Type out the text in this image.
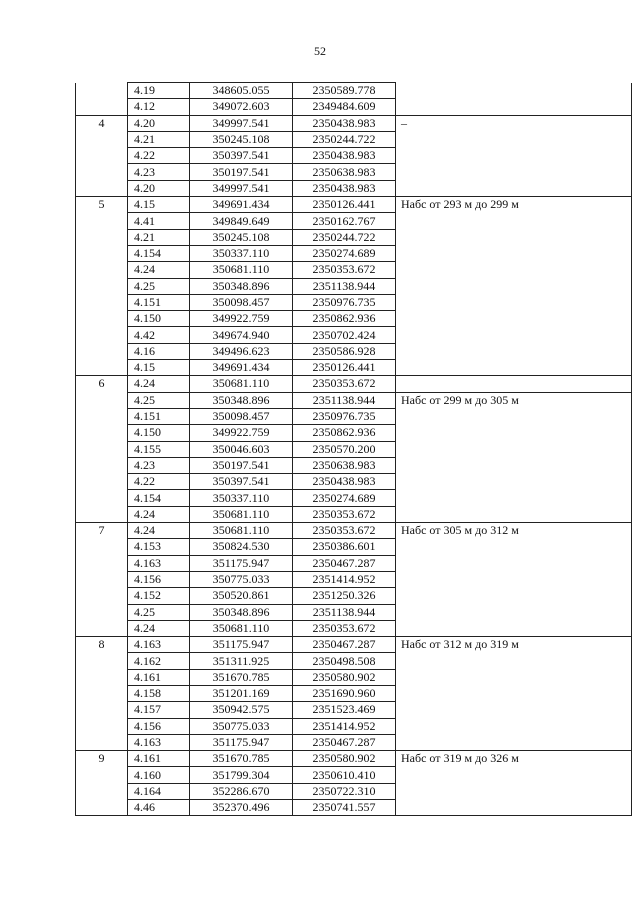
52
	4.19	348605.055	2350589.778	
	4.12	349072.603	2349484.609	
4	4.20	349997.541	2350438.983	–
	4.21	350245.108	2350244.722	
	4.22	350397.541	2350438.983	
	4.23	350197.541	2350638.983	
	4.20	349997.541	2350438.983	
5	4.15	349691.434	2350126.441	Набс от 293 м до 299 м
	4.41	349849.649	2350162.767	
	4.21	350245.108	2350244.722	
	4.154	350337.110	2350274.689	
	4.24	350681.110	2350353.672	
	4.25	350348.896	2351138.944	
	4.151	350098.457	2350976.735	
	4.150	349922.759	2350862.936	
	4.42	349674.940	2350702.424	
	4.16	349496.623	2350586.928	
	4.15	349691.434	2350126.441	
6	4.24	350681.110	2350353.672	
	4.25	350348.896	2351138.944	Набс от 299 м до 305 м
	4.151	350098.457	2350976.735	
	4.150	349922.759	2350862.936	
	4.155	350046.603	2350570.200	
	4.23	350197.541	2350638.983	
	4.22	350397.541	2350438.983	
	4.154	350337.110	2350274.689	
	4.24	350681.110	2350353.672	
7	4.24	350681.110	2350353.672	Набс от 305 м до 312 м
	4.153	350824.530	2350386.601	
	4.163	351175.947	2350467.287	
	4.156	350775.033	2351414.952	
	4.152	350520.861	2351250.326	
	4.25	350348.896	2351138.944	
	4.24	350681.110	2350353.672	
8	4.163	351175.947	2350467.287	Набс от 312 м до 319 м
	4.162	351311.925	2350498.508	
	4.161	351670.785	2350580.902	
	4.158	351201.169	2351690.960	
	4.157	350942.575	2351523.469	
	4.156	350775.033	2351414.952	
	4.163	351175.947	2350467.287	
9	4.161	351670.785	2350580.902	Набс от 319 м до 326 м
	4.160	351799.304	2350610.410	
	4.164	352286.670	2350722.310	
	4.46	352370.496	2350741.557	
